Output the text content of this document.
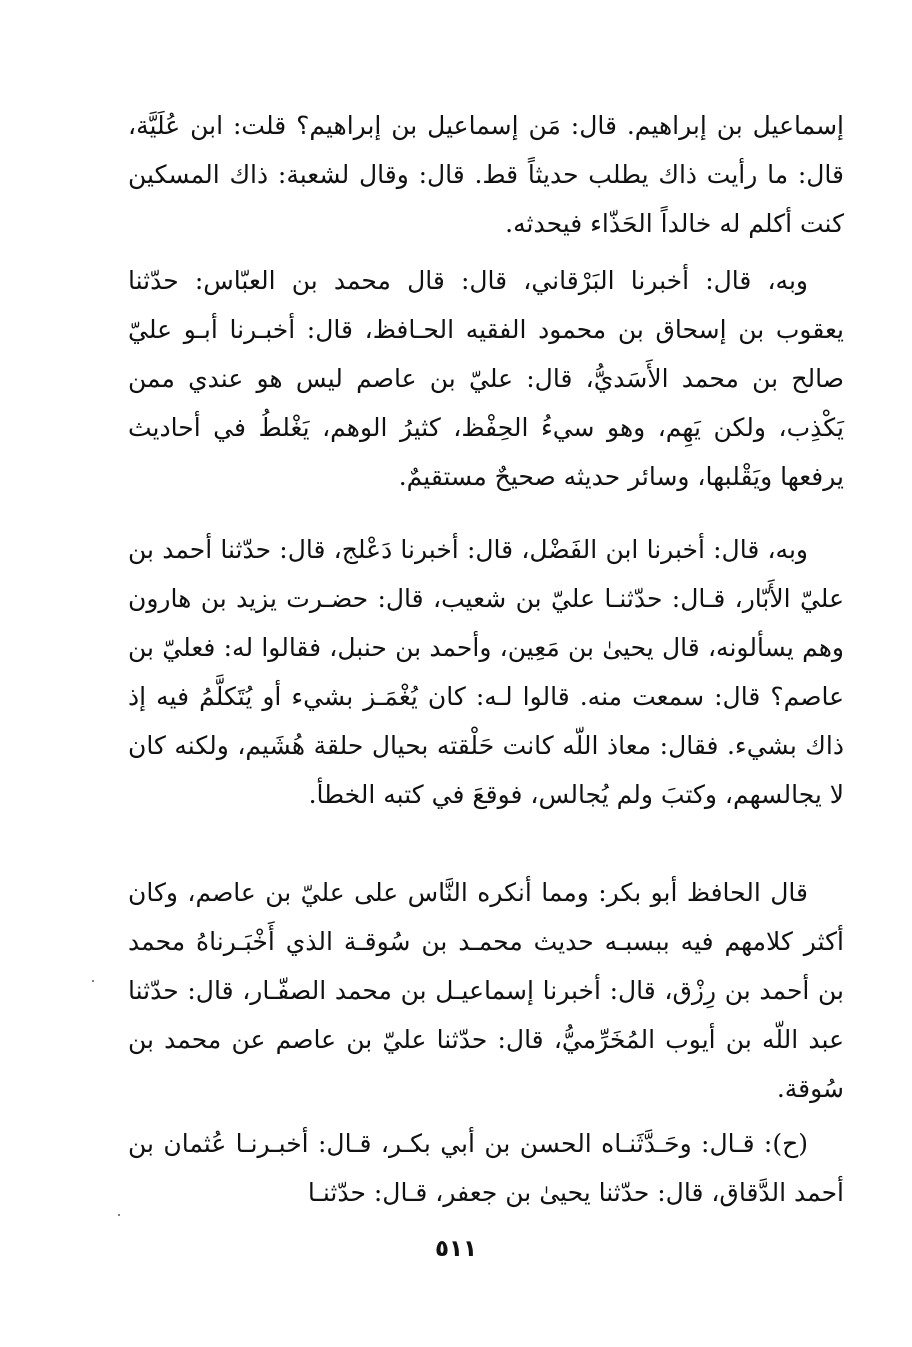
إسماعيل بن إبراهيم. قال: مَن إسماعيل بن إبراهيم؟ قلت: ابن عُلَيَّة، قال: ما رأيت ذاك يطلب حديثاً قط. قال: وقال لشعبة: ذاك المسكين كنت أكلم له خالداً الحَذّاء فيحدثه.

وبه، قال: أخبرنا البَرْقاني، قال: قال محمد بن العبّاس: حدّثنا يعقوب بن إسحاق بن محمود الفقيه الحـافظ، قال: أخبـرنا أبـو عليّ صالح بن محمد الأَسَديُّ، قال: عليّ بن عاصم ليس هو عندي ممن يَكْذِب، ولكن يَهِم، وهو سيءُ الحِفْظ، كثيرُ الوهم، يَغْلطُ في أحاديث يرفعها ويَقْلبها، وسائر حديثه صحيحٌ مستقيمٌ.

وبه، قال: أخبرنا ابن الفَضْل، قال: أخبرنا دَعْلج، قال: حدّثنا أحمد بن عليّ الأَبّار، قـال: حدّثنـا عليّ بن شعيب، قال: حضـرت يزيد بن هارون وهم يسألونه، قال يحيىٰ بن مَعِين، وأحمد بن حنبل، فقالوا له: فعليّ بن عاصم؟ قال: سمعت منه. قالوا لـه: كان يُغْمَـز بشيء أو يُتَكلَّمُ فيه إذ ذاك بشيء. فقال: معاذ اللّه كانت حَلْقته بحيال حلقة هُشَيم، ولكنه كان لا يجالسهم، وكتبَ ولم يُجالس، فوقعَ في كتبه الخطأ.

قال الحافظ أبو بكر: ومما أنكره النَّاس على عليّ بن عاصم، وكان أكثر كلامهم فيه ببسبـه حديث محمـد بن سُوقـة الذي أَخْبَـرناهُ محمد بن أحمد بن رِزْق، قال: أخبرنا إسماعيـل بن محمد الصفّـار، قال: حدّثنا عبد اللّه بن أيوب المُخَرِّميُّ، قال: حدّثنا عليّ بن عاصم عن محمد بن سُوقة.

(ح): قـال: وحَـدَّثَنـاه الحسن بن أبي بكـر، قـال: أخبـرنـا عُثمان بن أحمد الدَّقاق، قال: حدّثنا يحيىٰ بن جعفر، قـال: حدّثنـا

٥١١
